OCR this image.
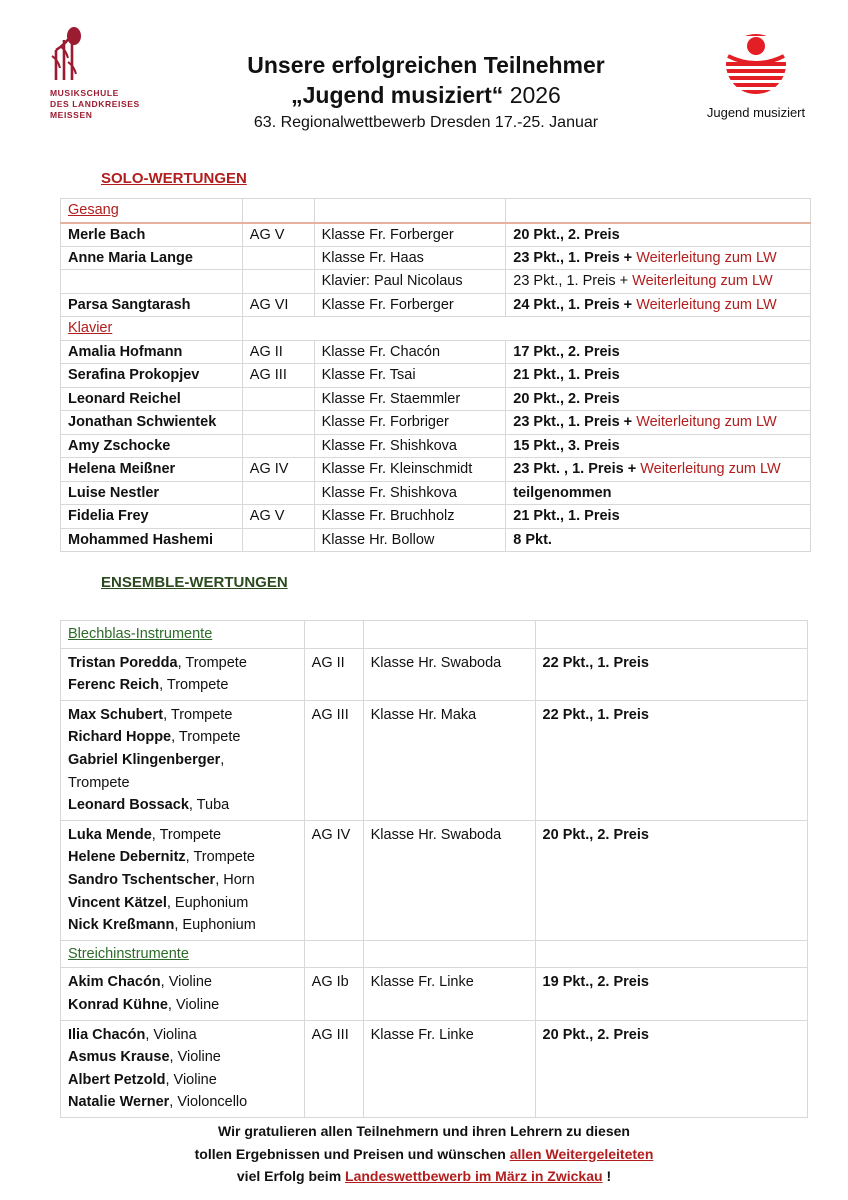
MUSIKSCHULE
DES LANDKREISES
MEISSEN
Unsere erfolgreichen Teilnehmer
„Jugend musiziert“ 2026
63. Regionalwettbewerb Dresden 17.-25. Januar
Jugend musiziert
SOLO-WERTUNGEN
Gesang			
Merle Bach	AG V	Klasse Fr. Forberger	20 Pkt., 2. Preis
Anne Maria Lange		Klasse Fr. Haas	23 Pkt., 1. Preis + Weiterleitung zum LW
		Klavier: Paul Nicolaus	23 Pkt., 1. Preis + Weiterleitung zum LW
Parsa Sangtarash	AG VI	Klasse Fr. Forberger	24 Pkt., 1. Preis + Weiterleitung zum LW
Klavier			
Amalia Hofmann	AG II	Klasse Fr. Chacón	17 Pkt., 2. Preis
Serafina Prokopjev	AG III	Klasse Fr. Tsai	21 Pkt., 1. Preis
Leonard Reichel		Klasse Fr. Staemmler	20 Pkt., 2. Preis
Jonathan Schwientek		Klasse Fr. Forbriger	23 Pkt., 1. Preis + Weiterleitung zum LW
Amy Zschocke		Klasse Fr. Shishkova	15 Pkt., 3. Preis
Helena Meißner	AG IV	Klasse Fr. Kleinschmidt	23 Pkt. , 1. Preis + Weiterleitung zum LW
Luise Nestler		Klasse Fr. Shishkova	teilgenommen
Fidelia Frey	AG V	Klasse Fr. Bruchholz	21 Pkt., 1. Preis
Mohammed Hashemi		Klasse Hr. Bollow	8 Pkt.
ENSEMBLE-WERTUNGEN
Blechblas-Instrumente			

Tristan Poredda, Trompete
Ferenc Reich, Trompete	AG II	Klasse Hr. Swaboda	22 Pkt., 1. Preis

Max Schubert, Trompete
Richard Hoppe, Trompete
Gabriel Klingenberger,
Trompete
Leonard Bossack, Tuba	AG III	Klasse Hr. Maka	22 Pkt., 1. Preis

Luka Mende, Trompete
Helene Debernitz, Trompete
Sandro Tschentscher, Horn
Vincent Kätzel, Euphonium
Nick Kreßmann, Euphonium	AG IV	Klasse Hr. Swaboda	20 Pkt., 2. Preis
Streichinstrumente			

Akim Chacón, Violine
Konrad Kühne, Violine	AG Ib	Klasse Fr. Linke	19 Pkt., 2. Preis

Ilia Chacón, Violina
Asmus Krause, Violine
Albert Petzold, Violine
Natalie Werner, Violoncello	AG III	Klasse Fr. Linke	20 Pkt., 2. Preis
Wir gratulieren allen Teilnehmern und ihren Lehrern zu diesen
tollen Ergebnissen und Preisen und wünschen allen Weitergeleiteten
viel Erfolg beim Landeswettbewerb im März in Zwickau !
